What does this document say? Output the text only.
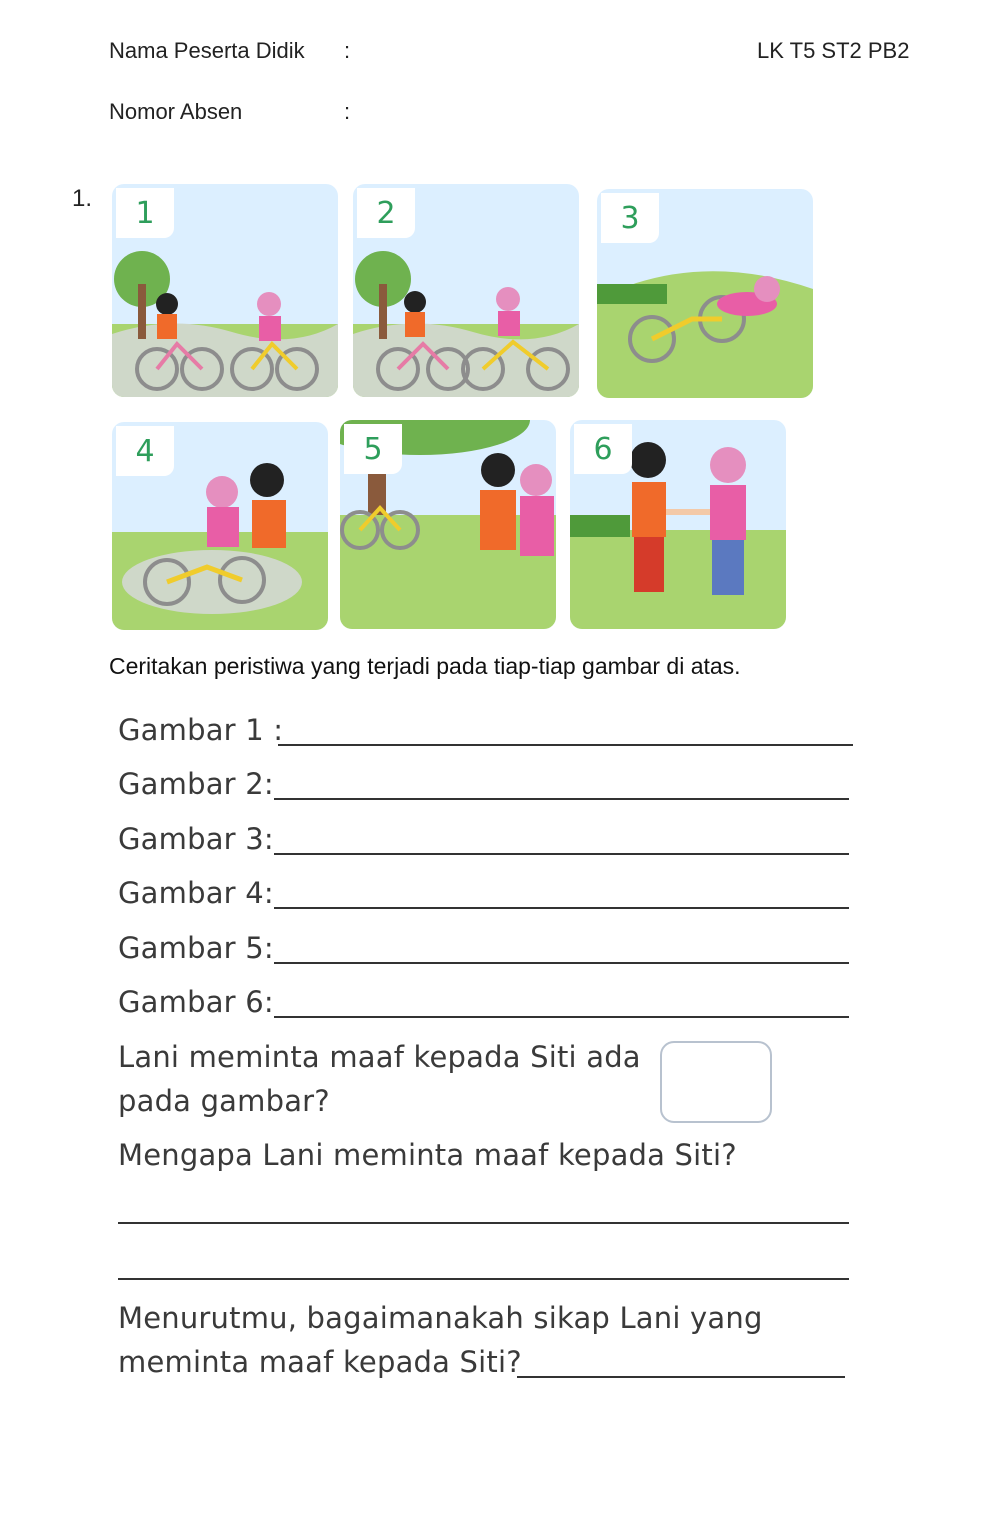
Nama Peserta Didik :	LK T5 ST2 PB2
Nomor Absen	:
1.	1	2	3
4	5	6
Ceritakan peristiwa yang terjadi pada tiap-tiap gambar di atas.
Gambar 1 :
Gambar 2:
Gambar 3:
Gambar 4:
Gambar 5:
Gambar 6:
Lani meminta maaf kepada Siti ada
pada gambar?
Mengapa Lani meminta maaf kepada Siti?
Menurutmu, bagaimanakah sikap Lani yang
meminta maaf kepada Siti?
